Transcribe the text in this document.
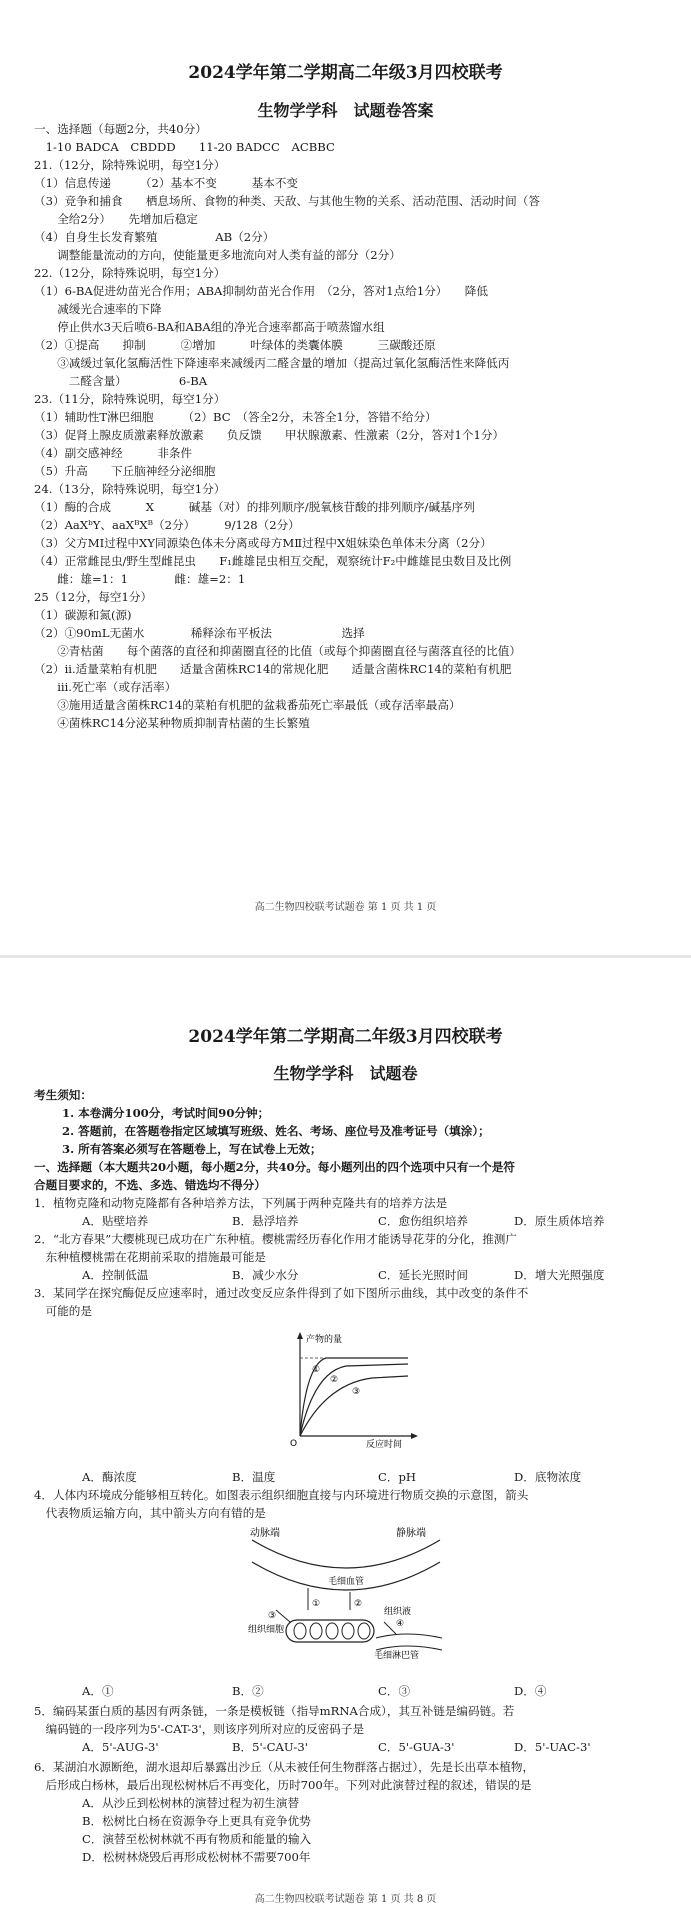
2024学年第二学期高二年级3月四校联考
生物学学科　试题卷答案
一、选择题（每题2分，共40分）
　1-10 BADCA　CBDDD　　11-20 BADCC　ACBBC
21.（12分，除特殊说明，每空1分）
（1）信息传递　　　（2）基本不变　　　基本不变
（3）竞争和捕食　　栖息场所、食物的种类、天敌、与其他生物的关系、活动范围、活动时间（答
　　全给2分）　　先增加后稳定
（4）自身生长发育繁殖　　　　　AB（2分）
　　调整能量流动的方向，使能量更多地流向对人类有益的部分（2分）
22.（12分，除特殊说明，每空1分）
（1）6-BA促进幼苗光合作用；ABA抑制幼苗光合作用　（2分，答对1点给1分）　　降低
　　减缓光合速率的下降
　　停止供水3天后喷6-BA和ABA组的净光合速率都高于喷蒸馏水组
（2）①提高　　抑制　　　②增加　　　叶绿体的类囊体膜　　　三碳酸还原
　　③减缓过氧化氢酶活性下降速率来减缓丙二醛含量的增加（提高过氧化氢酶活性来降低丙
　　　二醛含量）　　　　　6-BA
23.（11分，除特殊说明，每空1分）
（1）辅助性T淋巴细胞　　　（2）BC　（答全2分，未答全1分，答错不给分）
（3）促肾上腺皮质激素释放激素　　负反馈　　甲状腺激素、性激素（2分，答对1个1分）
（4）副交感神经　　　非条件
（5）升高　　下丘脑神经分泌细胞
24.（13分，除特殊说明，每空1分）
（1）酶的合成　　　X　　　碱基（对）的排列顺序/脱氧核苷酸的排列顺序/碱基序列
（2）AaXᵇY、aaXᴮXᴮ（2分）　　　9/128（2分）
（3）父方MⅠ过程中XY同源染色体未分离或母方MⅡ过程中X姐妹染色单体未分离（2分）
（4）正常雌昆虫/野生型雌昆虫　　F₁雌雄昆虫相互交配，观察统计F₂中雌雄昆虫数目及比例
　　雌：雄=1：1　　　　雌：雄=2：1
25（12分，每空1分）
（1）碳源和氮(源)
（2）①90mL无菌水　　　　稀释涂布平板法　　　　　　选择
　　②青枯菌　　每个菌落的直径和抑菌圈直径的比值（或每个抑菌圈直径与菌落直径的比值）
（2）ii.适量菜粕有机肥　　适量含菌株RC14的常规化肥　　适量含菌株RC14的菜粕有机肥
　　iii.死亡率（或存活率）
　　③施用适量含菌株RC14的菜粕有机肥的盆栽番茄死亡率最低（或存活率最高）
　　④菌株RC14分泌某种物质抑制青枯菌的生长繁殖
高二生物四校联考试题卷 第 1 页 共 1 页
2024学年第二学期高二年级3月四校联考
生物学学科　试题卷
考生须知：
1. 本卷满分100分，考试时间90分钟；
2. 答题前，在答题卷指定区域填写班级、姓名、考场、座位号及准考证号（填涂）；
3. 所有答案必须写在答题卷上，写在试卷上无效；
一、选择题（本大题共20小题，每小题2分，共40分。每小题列出的四个选项中只有一个是符
合题目要求的，不选、多选、错选均不得分）
1．植物克隆和动物克隆都有各种培养方法，下列属于两种克隆共有的培养方法是
A．贴壁培养	B．悬浮培养	C．愈伤组织培养	D．原生质体培养
2．“北方春果”大樱桃现已成功在广东种植。樱桃需经历春化作用才能诱导花芽的分化，推测广
　东种植樱桃需在花期前采取的措施最可能是
A．控制低温	B．减少水分	C．延长光照时间	D．增大光照强度
3．某同学在探究酶促反应速率时，通过改变反应条件得到了如下图所示曲线，其中改变的条件不
　可能的是
产物的量
反应时间
O
①
②
③
A．酶浓度	B．温度	C．pH	D．底物浓度
4．人体内环境成分能够相互转化。如图表示组织细胞直接与内环境进行物质交换的示意图，箭头
　代表物质运输方向，其中箭头方向有错的是
动脉端	静脉端
毛细血管
组织液
组织细胞
毛细淋巴管
①	②
③
④
A．①	B．②	C．③	D．④
5．编码某蛋白质的基因有两条链，一条是模板链（指导mRNA合成），其互补链是编码链。若
　编码链的一段序列为5'-CAT-3'，则该序列所对应的反密码子是
A．5'-AUG-3'	B．5'-CAU-3'	C．5'-GUA-3'	D．5'-UAC-3'
6．某湖泊水源断绝，湖水退却后暴露出沙丘（从未被任何生物群落占据过），先是长出草本植物，
　后形成白杨林，最后出现松树林后不再变化，历时700年。下列对此演替过程的叙述，错误的是
A．从沙丘到松树林的演替过程为初生演替
B．松树比白杨在资源争夺上更具有竞争优势
C．演替至松树林就不再有物质和能量的输入
D．松树林烧毁后再形成松树林不需要700年
高二生物四校联考试题卷 第 1 页 共 8 页
